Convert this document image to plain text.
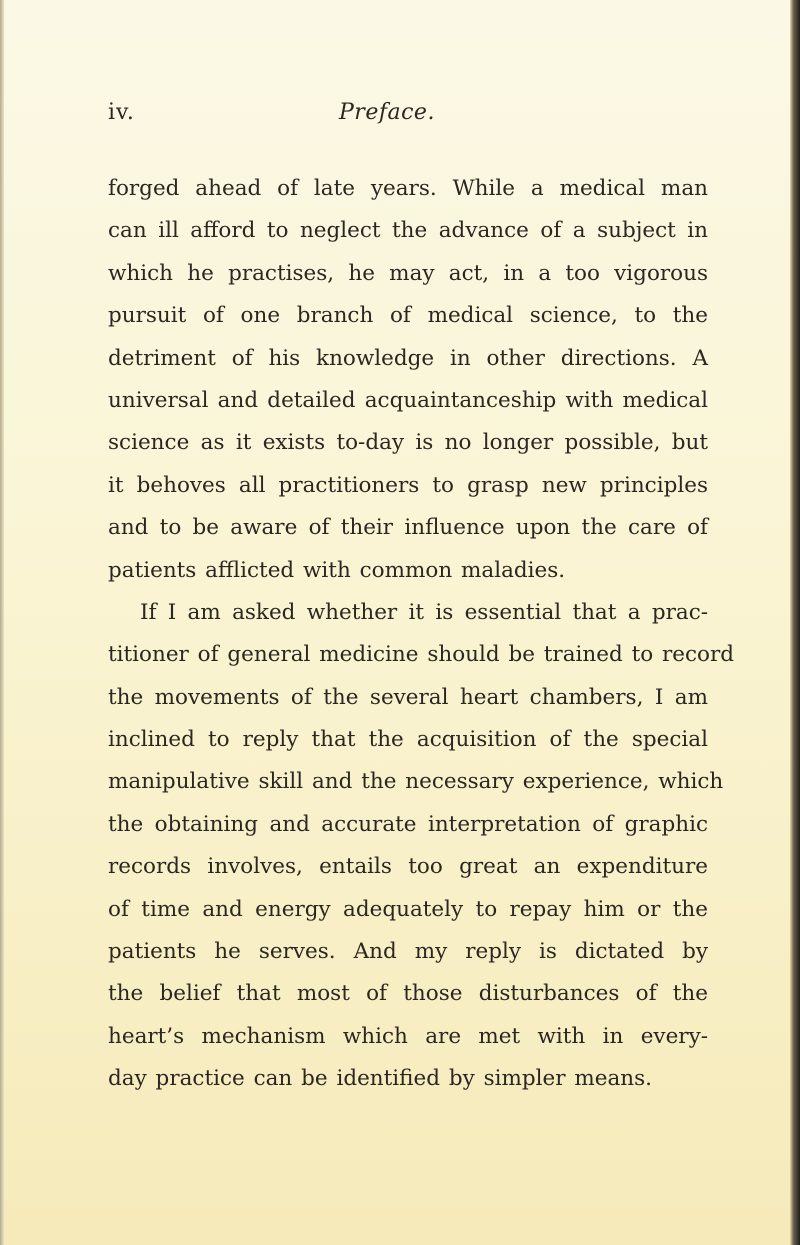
iv.	Preface.
forged ahead of late years. While a medical man
can ill afford to neglect the advance of a subject in
which he practises, he may act, in a too vigorous
pursuit of one branch of medical science, to the
detriment of his knowledge in other directions. A
universal and detailed acquaintanceship with medical
science as it exists to-day is no longer possible, but
it behoves all practitioners to grasp new principles
and to be aware of their influence upon the care of
patients afflicted with common maladies.
If I am asked whether it is essential that a prac-
titioner of general medicine should be trained to record
the movements of the several heart chambers, I am
inclined to reply that the acquisition of the special
manipulative skill and the necessary experience, which
the obtaining and accurate interpretation of graphic
records involves, entails too great an expenditure
of time and energy adequately to repay him or the
patients he serves. And my reply is dictated by
the belief that most of those disturbances of the
heart’s mechanism which are met with in every-
day practice can be identified by simpler means.
